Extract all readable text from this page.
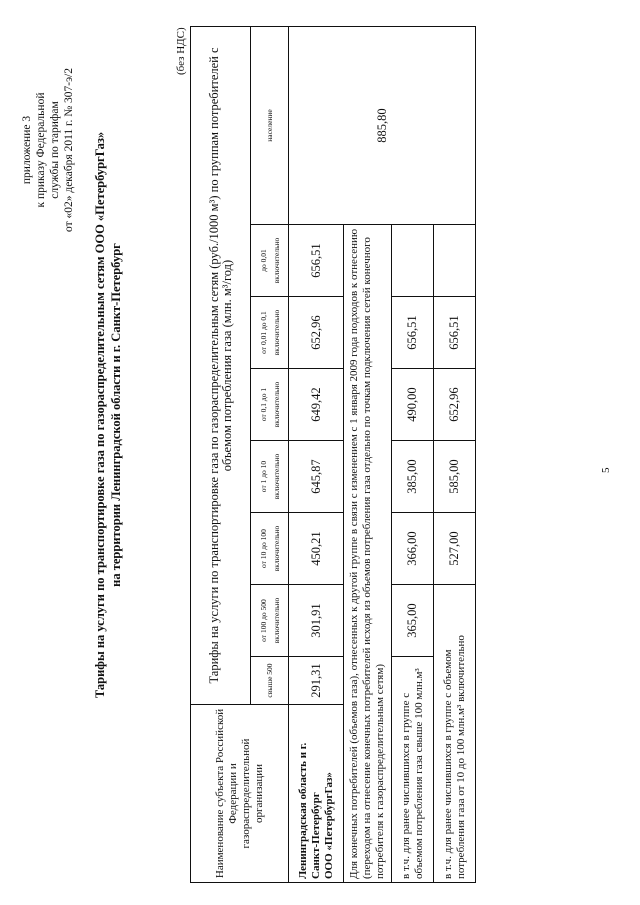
приложение 3 к приказу Федеральной службы по тарифам от «02» декабря 2011 г. № 307-э/2 Тарифы на услуги по транспортировке газа по газораспределительным сетям ООО «ПетербургГаз» на территории Ленинградской области и г. Санкт-Петербург
(без НДС)
Наименование субъекта Российской Федерации и газораспределительной организации	Тарифы на услуги по транспортировке газа по газораспределительным сетям (руб./1000 м³) по группам потребителей с объемом потребления газа (млн. м³/год)							
	свыше 500	от 100 до 500 включительно	от 10 до 100 включительно	от 1 до 10 включительно	от 0,1 до 1 включительно	от 0,01 до 0,1 включительно	до 0,01 включительно	население

Ленинградская область и г. Санкт-Петербург ООО «ПетербургГаз»	291,31	301,91	450,21	645,87	649,42	652,96	656,51	885,80
Для конечных потребителей (объемов газа), отнесенных к другой группе в связи с изменением с 1 января 2009 года подходов к отнесению (переходом на отнесение конечных потребителей исходя из объемов потребления газа отдельно по точкам подключения сетей конечного потребителя к газораспределительным сетям)								
в т.ч. для ранее числившихся в группе с объемом потребления газа свыше 100 млн.м³		365,00	366,00	385,00	490,00	656,51		
в т.ч. для ранее числившихся в группе с объемом потребления газа от 10 до 100 млн.м³ включительно			527,00	585,00	652,96	656,51		
5
